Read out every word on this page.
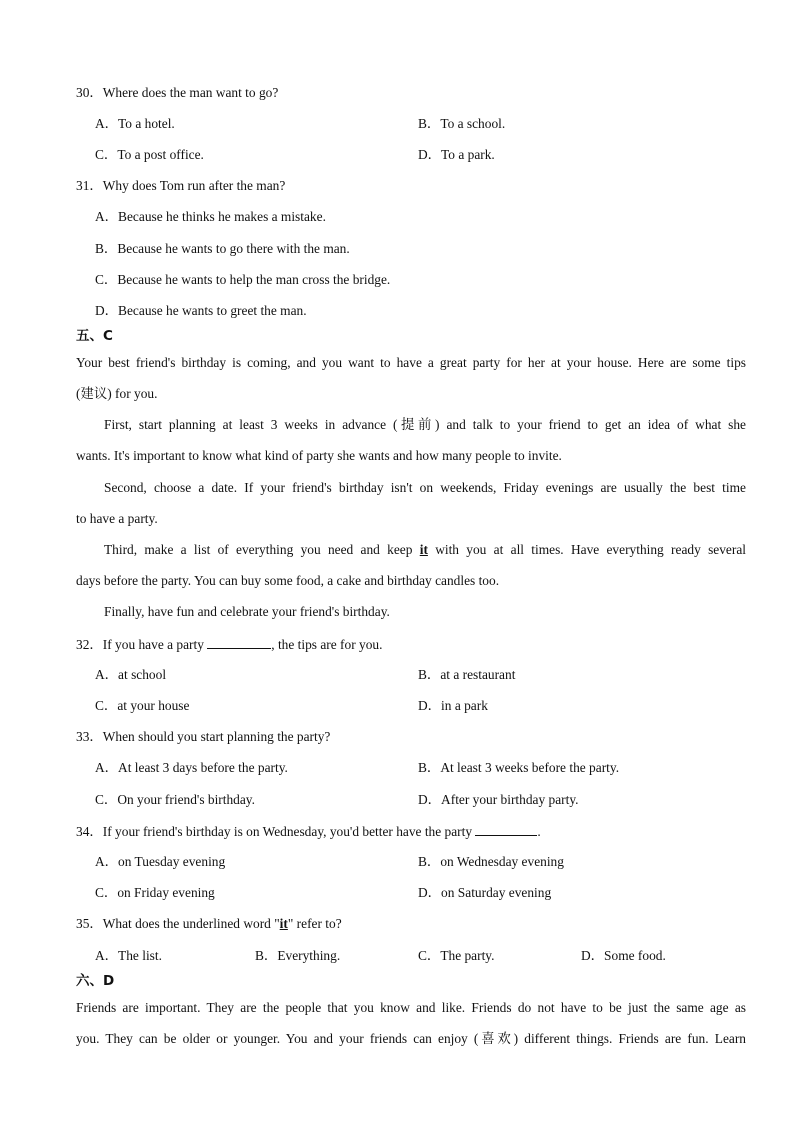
30．Where does the man want to go?
A．To a hotel.	B．To a school.
C．To a post office.	D．To a park.
31．Why does Tom run after the man?
A．Because he thinks he makes a mistake.
B．Because he wants to go there with the man.
C．Because he wants to help the man cross the bridge.
D．Because he wants to greet the man.
五、C
Your best friend's birthday is coming, and you want to have a great party for her at your house. Here are some tips
(建议) for you.
First, start planning at least 3 weeks in advance (提前) and talk to your friend to get an idea of what she
wants. It's important to know what kind of party she wants and how many people to invite.
Second, choose a date. If your friend's birthday isn't on weekends, Friday evenings are usually the best time
to have a party.
Third, make a list of everything you need and keep it with you at all times. Have everything ready several
days before the party. You can buy some food, a cake and birthday candles too.
Finally, have fun and celebrate your friend's birthday.
32．If you have a party	, the tips are for you.
A．at school	B．at a restaurant
C．at your house	D．in a park
33．When should you start planning the party?
A．At least 3 days before the party.	B．At least 3 weeks before the party.
C．On your friend's birthday.	D．After your birthday party.
34．If your friend's birthday is on Wednesday, you'd better have the party	.
A．on Tuesday evening	B．on Wednesday evening
C．on Friday evening	D．on Saturday evening
35．What does the underlined word "it" refer to?
A．The list.	B．Everything.	C．The party.	D．Some food.
六、D
Friends are important. They are the people that you know and like. Friends do not have to be just the same age as
you. They can be older or younger. You and your friends can enjoy (喜欢) different things. Friends are fun. Learn
